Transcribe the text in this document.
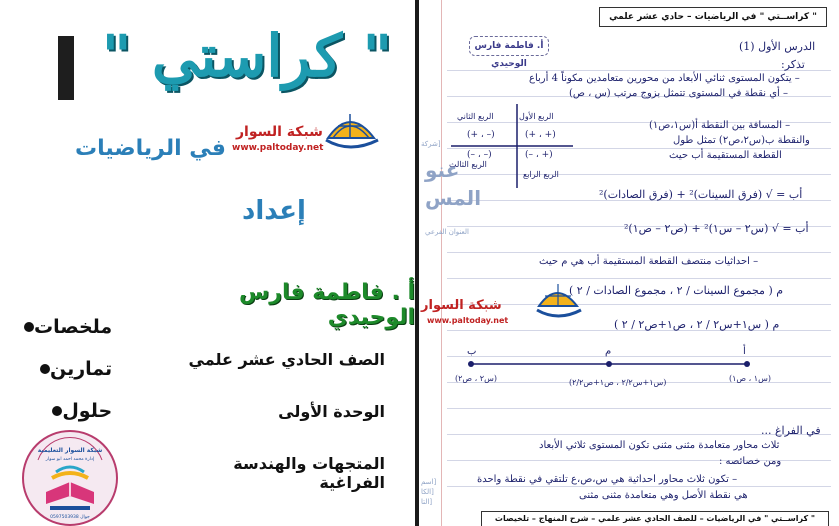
" كراستي "
شبكة السوار
www.paltoday.net
في الرياضيات
إعداد
أ . فاطمة فارس الوحيدي
ملخصات
تمارين
حلول
الصف الحادي عشر علمي
الوحدة الأولى
المتجهات والهندسة الفراغية
شبكة السوار التعليمية
إدارة محمد احمد ابو سوار
جوال 0597503938
" كراســتي " في الرياضيات – حادي عشر علمي
أ. فاطمة فارس الوحيدي
الدرس الأول (1)
تذكر:
– يتكون المستوى ثنائي الأبعاد من محورين متعامدين مكوناً 4 أرباع
– أي نقطة في المستوى تتمثل بزوج مرتب (س ، ص)
الربع الأول
الربع الثاني
الربع الثالث
الربع الرابع
(+ ، +)
(– ، +)
(– ، –)	(+ ، –)
– المسافة بين النقطة أ(س١،ص١)
والنقطة ب(س٢،ص٢) تمثل طول
القطعة المستقيمة أب حيث
أب = √ (فرق السينات)² + (فرق الصادات)²
أب = √ (س٢ – س١)² + (ص٢ – ص١)²
– احداثيات منتصف القطعة المستقيمة أب هي م حيث
م ( مجموع السينات / ٢ ، مجموع الصادات / ٢ )
م ( س١+س٢ / ٢ ، ص١+ص٢ / ٢ )
ب	م	أ
(س٢ ، ص٢)	(س١+س٢/٢ ، ص١+ص٢/٢)	(س١ ، ص١)
في الفراغ ...
ثلاث محاور متعامدة مثنى مثنى تكون المستوى ثلاثي الأبعاد
ومن خصائصه :
– تكون ثلاث محاور احداثية هي س،ص،ع تلتقي في نقطة واحدة
هي نقطة الأصل وهي متعامدة مثنى مثنى
عنو
المس
[شركة
العنوان الفرعي
[اسم
[الكا
[التا
شبكة السوار
www.paltoday.net
" كراســتي " في الرياضيات – للصف الحادي عشر علمي – شرح المنهاج – تلخيصات
